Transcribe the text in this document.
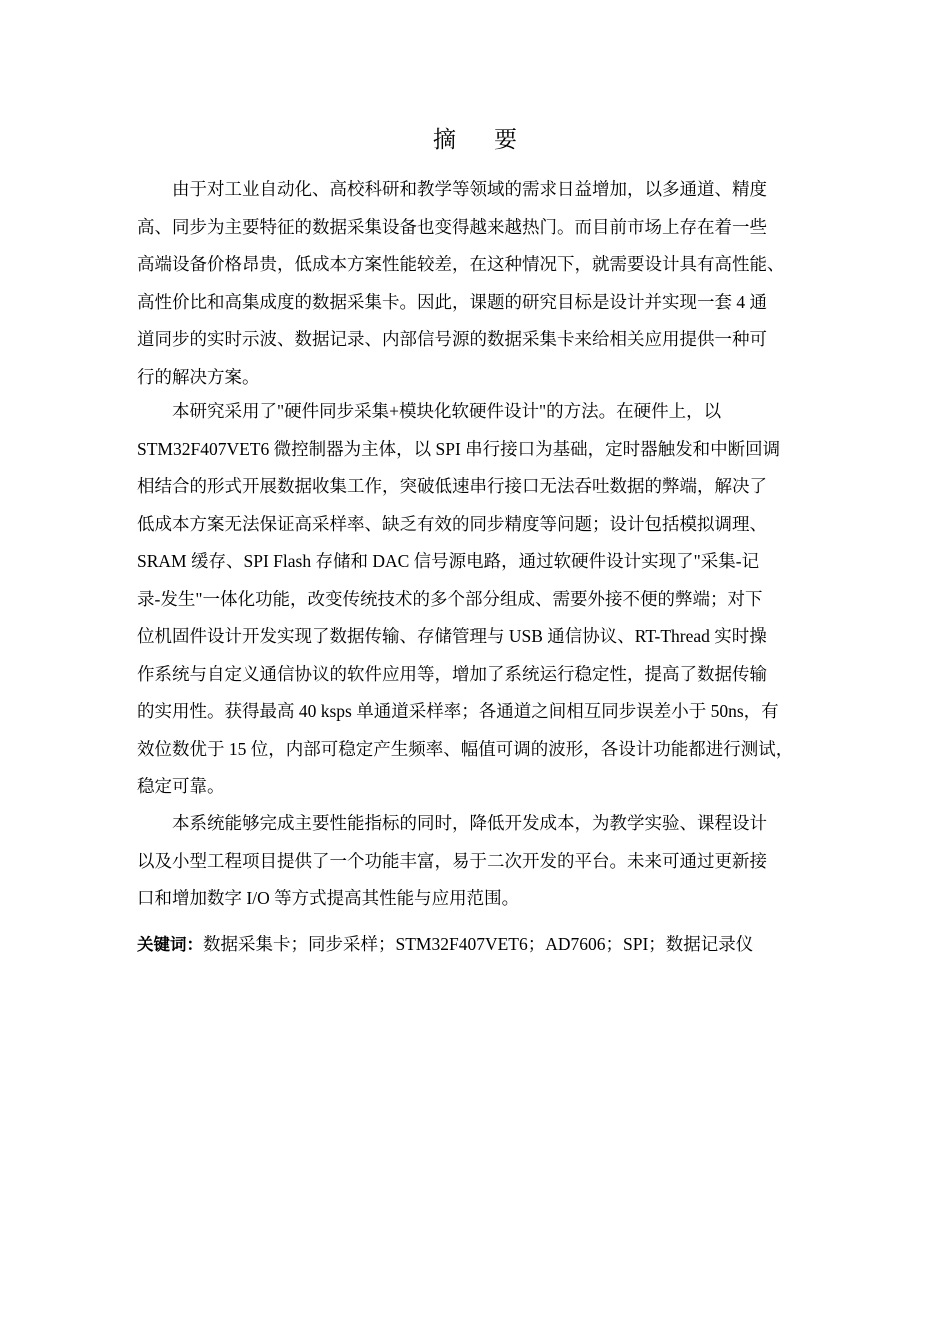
摘要
由于对工业自动化、高校科研和教学等领域的需求日益增加，以多通道、精度
高、同步为主要特征的数据采集设备也变得越来越热门。而目前市场上存在着一些
高端设备价格昂贵，低成本方案性能较差，在这种情况下，就需要设计具有高性能、
高性价比和高集成度的数据采集卡。因此，课题的研究目标是设计并实现一套 4 通
道同步的实时示波、数据记录、内部信号源的数据采集卡来给相关应用提供一种可
行的解决方案。
本研究采用了"硬件同步采集+模块化软硬件设计"的方法。在硬件上，以
STM32F407VET6 微控制器为主体，以 SPI 串行接口为基础，定时器触发和中断回调
相结合的形式开展数据收集工作，突破低速串行接口无法吞吐数据的弊端，解决了
低成本方案无法保证高采样率、缺乏有效的同步精度等问题；设计包括模拟调理、
SRAM 缓存、SPI Flash 存储和 DAC 信号源电路，通过软硬件设计实现了"采集-记
录-发生"一体化功能，改变传统技术的多个部分组成、需要外接不便的弊端；对下
位机固件设计开发实现了数据传输、存储管理与 USB 通信协议、RT-Thread 实时操
作系统与自定义通信协议的软件应用等，增加了系统运行稳定性，提高了数据传输
的实用性。获得最高 40 ksps 单通道采样率；各通道之间相互同步误差小于 50ns，有
效位数优于 15 位，内部可稳定产生频率、幅值可调的波形，各设计功能都进行测试，
稳定可靠。
本系统能够完成主要性能指标的同时，降低开发成本，为教学实验、课程设计
以及小型工程项目提供了一个功能丰富，易于二次开发的平台。未来可通过更新接
口和增加数字 I/O 等方式提高其性能与应用范围。
关键词：数据采集卡；同步采样；STM32F407VET6；AD7606；SPI；数据记录仪
